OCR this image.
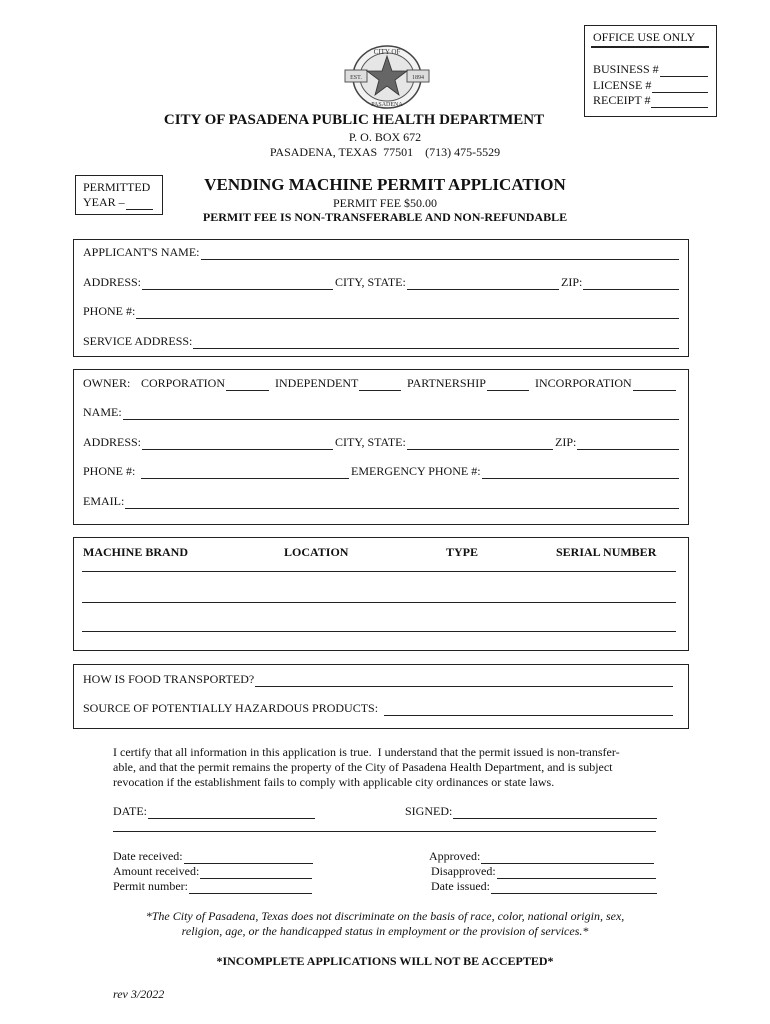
OFFICE USE ONLY
BUSINESS #
LICENSE #
RECEIPT #
CITY OF
PASADENA
EST.	1894
CITY OF PASADENA PUBLIC HEALTH DEPARTMENT
P. O. BOX 672
PASADENA, TEXAS  77501    (713) 475-5529
PERMITTED
YEAR –
VENDING MACHINE PERMIT APPLICATION
PERMIT FEE $50.00
PERMIT FEE IS NON-TRANSFERABLE AND NON-REFUNDABLE
APPLICANT'S NAME:
ADDRESS:	CITY, STATE:	ZIP:
PHONE #:
SERVICE ADDRESS:
OWNER: CORPORATION	INDEPENDENT	PARTNERSHIP	INCORPORATION
NAME:
ADDRESS:	CITY, STATE:	ZIP:
PHONE #:	EMERGENCY PHONE #:
EMAIL:
MACHINE BRAND	LOCATION	TYPE	SERIAL NUMBER
HOW IS FOOD TRANSPORTED?
SOURCE OF POTENTIALLY HAZARDOUS PRODUCTS:
I certify that all information in this application is true.  I understand that the permit issued is non-transfer-
able, and that the permit remains the property of the City of Pasadena Health Department, and is subject
revocation if the establishment fails to comply with applicable city ordinances or state laws.
DATE:	SIGNED:
Date received:
Amount received:
Permit number:
Approved:
Disapproved:
Date issued:
*The City of Pasadena, Texas does not discriminate on the basis of race, color, national origin, sex,
religion, age, or the handicapped status in employment or the provision of services.*
*INCOMPLETE APPLICATIONS WILL NOT BE ACCEPTED*
rev 3/2022
